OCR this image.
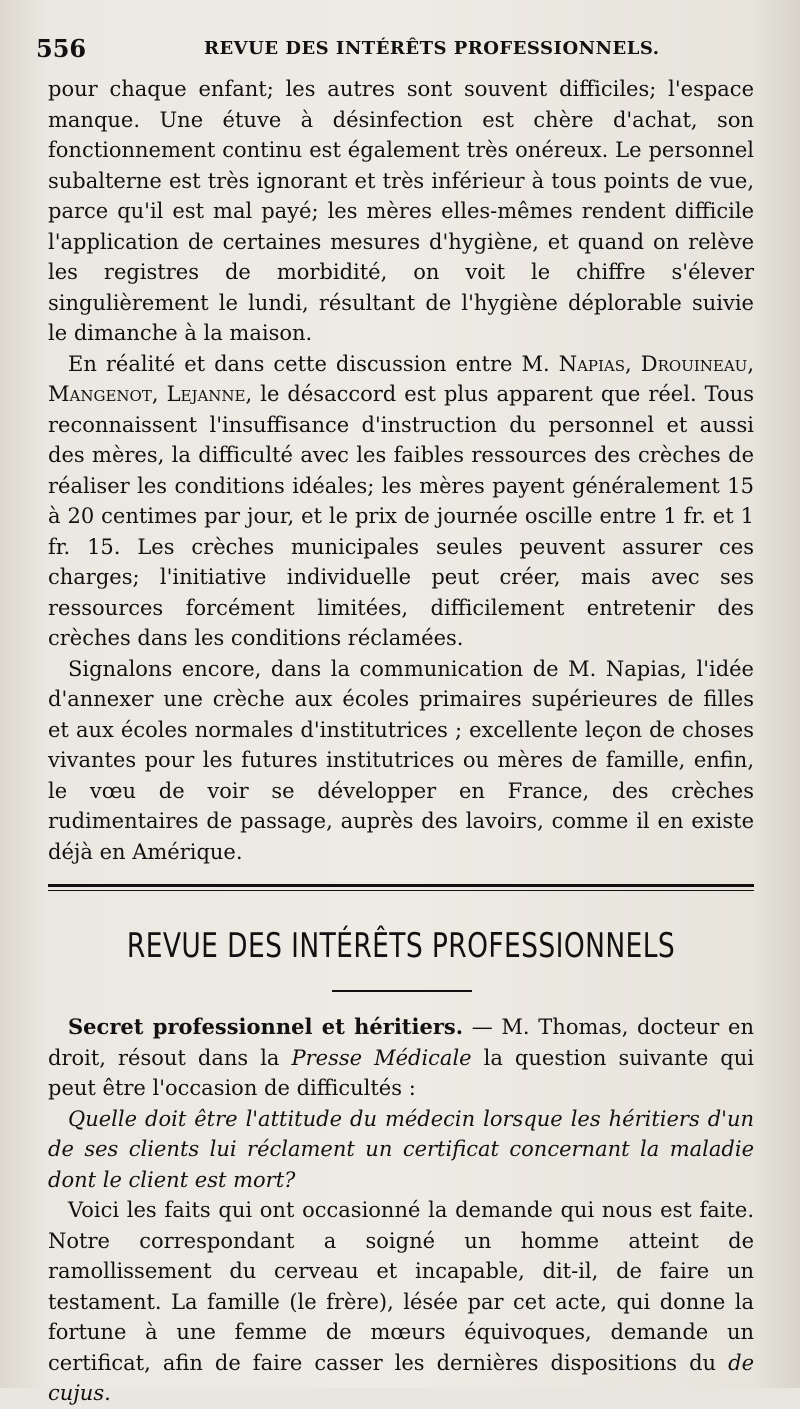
556	REVUE DES INTÉRÊTS PROFESSIONNELS.

pour chaque enfant; les autres sont souvent difficiles; l'espace manque. Une étuve à désinfection est chère d'achat, son fonctionnement continu est également très onéreux. Le personnel subalterne est très ignorant et très inférieur à tous points de vue, parce qu'il est mal payé; les mères elles-mêmes rendent difficile l'application de certaines mesures d'hygiène, et quand on relève les registres de morbidité, on voit le chiffre s'élever singulièrement le lundi, résultant de l'hygiène déplorable suivie le dimanche à la maison.

En réalité et dans cette discussion entre M. Napias, Drouineau, Mangenot, Lejanne, le désaccord est plus apparent que réel. Tous reconnaissent l'insuffisance d'instruction du personnel et aussi des mères, la difficulté avec les faibles ressources des crèches de réaliser les conditions idéales; les mères payent généralement 15 à 20 centimes par jour, et le prix de journée oscille entre 1 fr. et 1 fr. 15. Les crèches municipales seules peuvent assurer ces charges; l'initiative individuelle peut créer, mais avec ses ressources forcément limitées, difficilement entretenir des crèches dans les conditions réclamées.

Signalons encore, dans la communication de M. Napias, l'idée d'annexer une crèche aux écoles primaires supérieures de filles et aux écoles normales d'institutrices ; excellente leçon de choses vivantes pour les futures institutrices ou mères de famille, enfin, le vœu de voir se développer en France, des crèches rudimentaires de passage, auprès des lavoirs, comme il en existe déjà en Amérique.

REVUE DES INTÉRÊTS PROFESSIONNELS

Secret professionnel et héritiers. — M. Thomas, docteur en droit, résout dans la Presse Médicale la question suivante qui peut être l'occasion de difficultés :

Quelle doit être l'attitude du médecin lorsque les héritiers d'un de ses clients lui réclament un certificat concernant la maladie dont le client est mort?

Voici les faits qui ont occasionné la demande qui nous est faite. Notre correspondant a soigné un homme atteint de ramollissement du cerveau et incapable, dit-il, de faire un testament. La famille (le frère), lésée par cet acte, qui donne la fortune à une femme de mœurs équivoques, demande un certificat, afin de faire casser les dernières dispositions du de cujus.
